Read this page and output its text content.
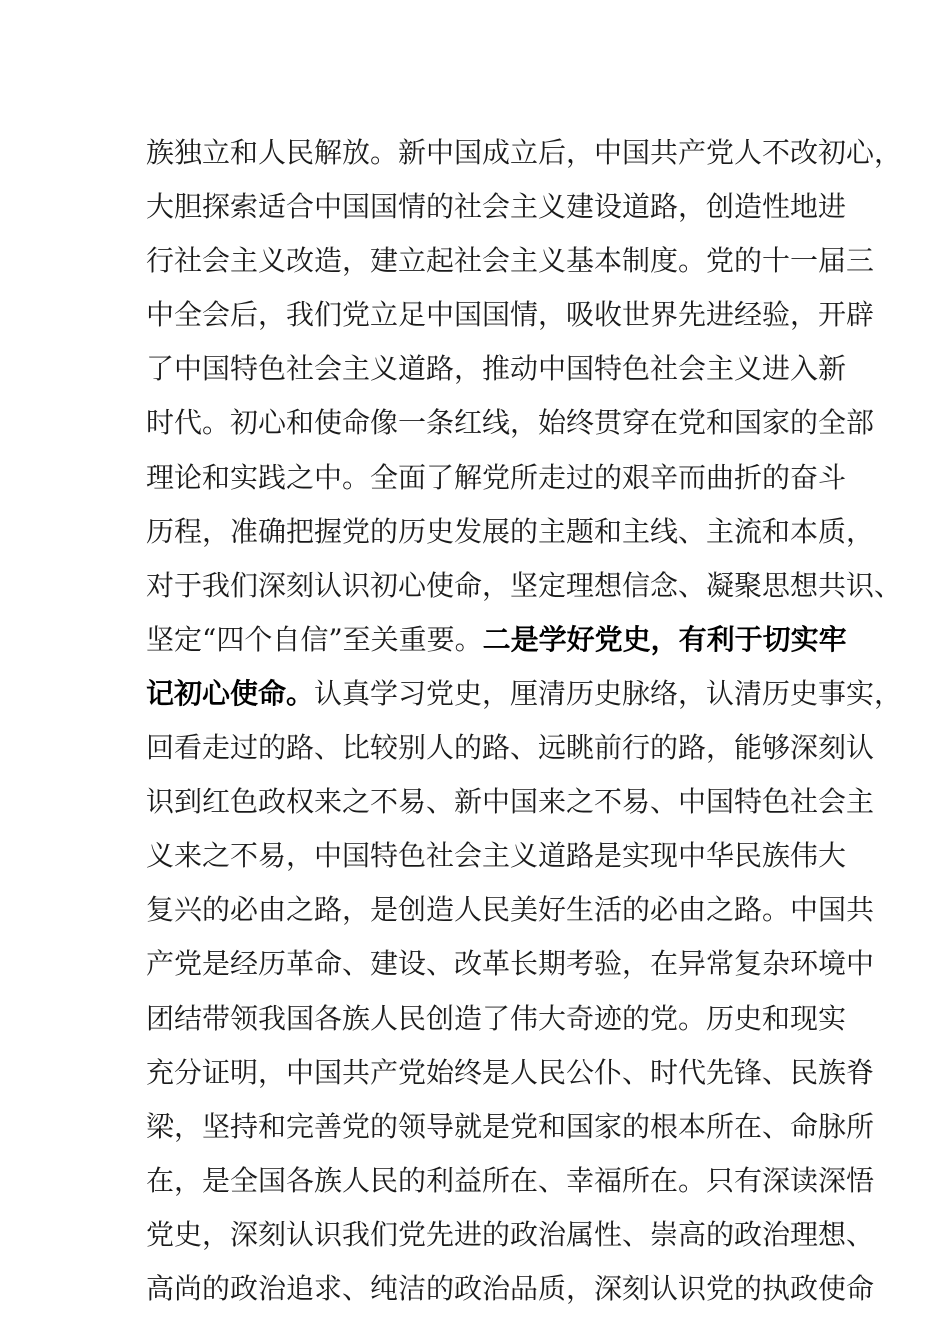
族独立和人民解放。新中国成立后，中国共产党人不改初心，
大胆探索适合中国国情的社会主义建设道路，创造性地进
行社会主义改造，建立起社会主义基本制度。党的十一届三
中全会后，我们党立足中国国情，吸收世界先进经验，开辟
了中国特色社会主义道路，推动中国特色社会主义进入新
时代。初心和使命像一条红线，始终贯穿在党和国家的全部
理论和实践之中。全面了解党所走过的艰辛而曲折的奋斗
历程，准确把握党的历史发展的主题和主线、主流和本质，
对于我们深刻认识初心使命，坚定理想信念、凝聚思想共识、
坚定“四个自信”至关重要。二是学好党史，有利于切实牢
记初心使命。认真学习党史，厘清历史脉络，认清历史事实，
回看走过的路、比较别人的路、远眺前行的路，能够深刻认
识到红色政权来之不易、新中国来之不易、中国特色社会主
义来之不易，中国特色社会主义道路是实现中华民族伟大
复兴的必由之路，是创造人民美好生活的必由之路。中国共
产党是经历革命、建设、改革长期考验，在异常复杂环境中
团结带领我国各族人民创造了伟大奇迹的党。历史和现实
充分证明，中国共产党始终是人民公仆、时代先锋、民族脊
梁，坚持和完善党的领导就是党和国家的根本所在、命脉所
在，是全国各族人民的利益所在、幸福所在。只有深读深悟
党史，深刻认识我们党先进的政治属性、崇高的政治理想、
高尚的政治追求、纯洁的政治品质，深刻认识党的执政使命
